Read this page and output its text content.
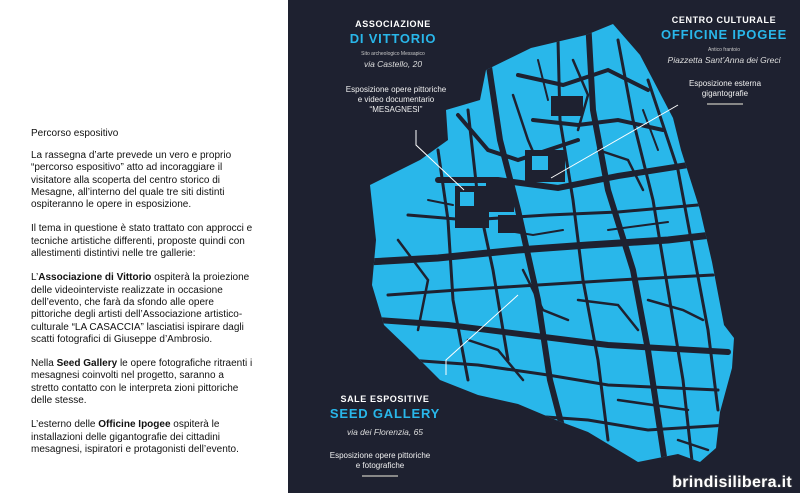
Percorso espositivo

La rassegna d’arte prevede un vero e proprio “percorso espositivo” atto ad incoraggiare il visitatore alla scoperta del centro storico di Mesagne, all’interno del quale tre siti distinti ospiteranno le opere in esposizione.

Il tema in questione è stato trattato con approcci e tecniche artistiche differenti, proposte quindi con allestimenti distintivi nelle tre gallerie:

L’Associazione di Vittorio ospiterà la proiezione delle videointerviste realizzate in occasione dell’evento, che farà da sfondo alle opere pittoriche degli artisti dell’Associazione artistico-culturale “LA CASACCIA” lasciatisi ispirare dagli scatti fotografici di Giuseppe d’Ambrosio.

Nella Seed Gallery le opere fotografiche ritraenti i mesagnesi coinvolti nel progetto, saranno a stretto contatto con le interpreta zioni pittoriche delle stesse.

L’esterno delle Officine Ipogee ospiterà le installazioni delle gigantografie dei cittadini mesagnesi, ispiratori e protagonisti dell’evento.

ASSOCIAZIONE
DI VITTORIO
Sito archeologico Messapico
via Castello, 20
Esposizione opere pittoriche
e video documentario
“MESAGNESI”
CENTRO CULTURALE
OFFICINE IPOGEE
Antico frantoio
Piazzetta Sant’Anna dei Greci
Esposizione esterna
gigantografie
SALE ESPOSITIVE
SEED GALLERY
via dei Florenzia, 65
Esposizione opere pittoriche
e fotografiche
brindisilibera.it
